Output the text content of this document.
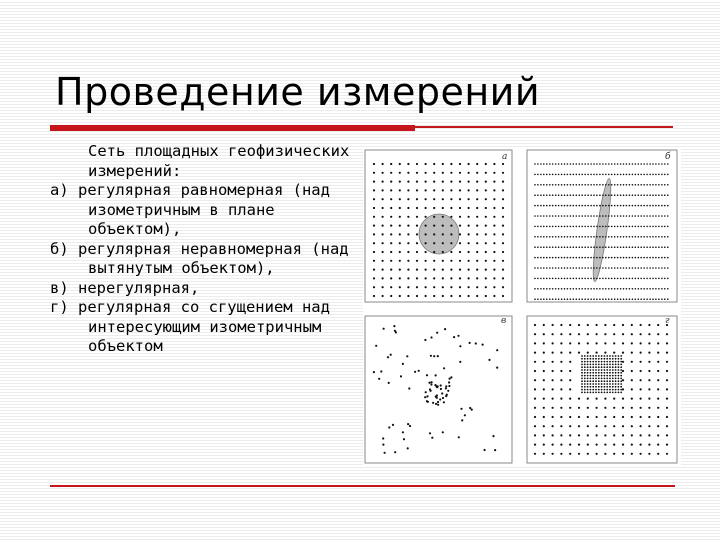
Проведение измерений

Сеть площадных геофизических измерений:

а) регулярная равномерная (над изометричным в плане объектом),

б) регулярная неравномерная (над вытянутым объектом),

в) нерегулярная,

г) регулярная со сгущением над интересующим изометричным объектом

а	б
в	г
